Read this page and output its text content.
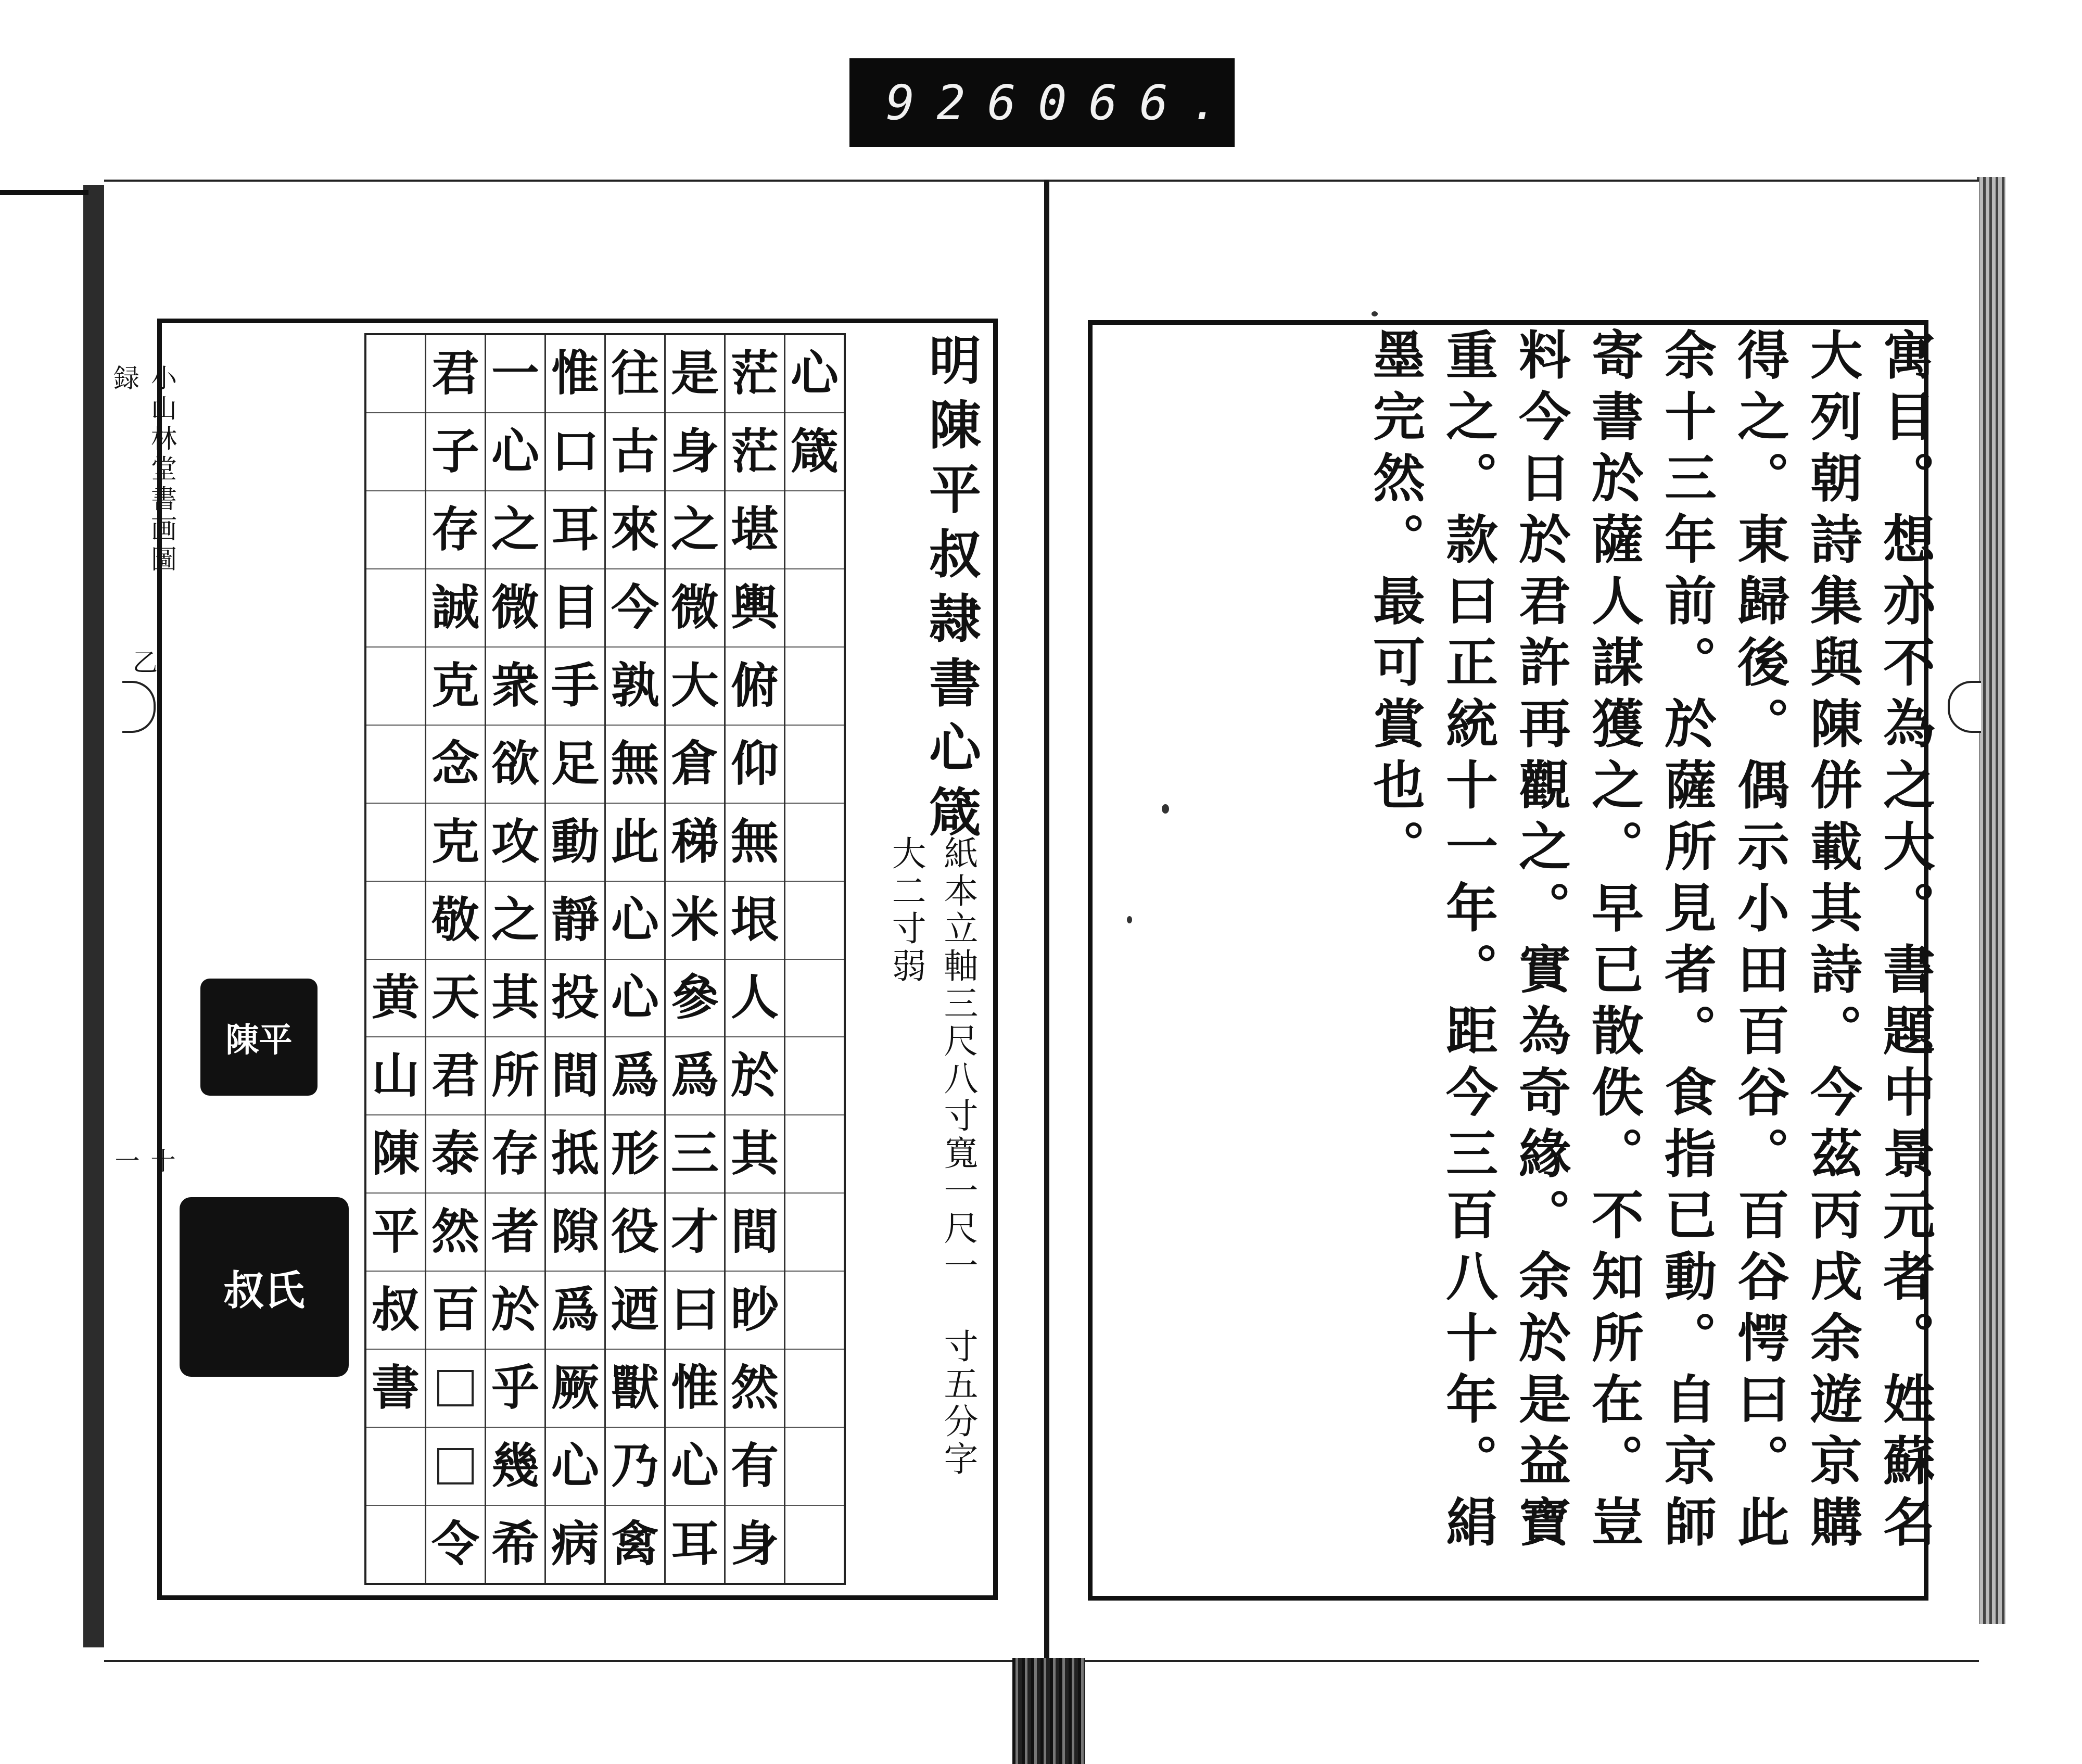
926 066.
小山林堂書画圖録
乙
十一
明陳平叔隷書心箴
紙本立軸三尺八寸寬一尺一 寸五分字大二寸弱
心
箴
茫
茫
堪
輿
俯
仰
無
垠
人
於
其
間
眇
然
有
身
是
身
之
微
大
倉
稊
米
參
爲
三
才
曰
惟
心
耳
往
古
來
今
孰
無
此
心
心
爲
形
役
迺
獸
乃
禽
惟
口
耳
目
手
足
動
靜
投
間
抵
隙
爲
厥
心
病
一
心
之
微
衆
欲
攻
之
其
所
存
者
於
乎
幾
希
君
子
存
誠
克
念
克
敬
天
君
泰
然
百
令
黄
山
陳
平
叔
書
陳平
叔氏	寓目。想亦不為之大。書題中景元者。姓蘇名大列朝詩集與陳併載其詩。今茲丙戌余遊京購得之。東歸後。偶示小田百谷。百谷愕曰。此余十三年前。於薩所見者。食指已動。自京師寄書於薩人謀獲之。早已散佚。不知所在。豈料今日於君許再觀之。實為奇緣。余於是益寶重之。款曰正統十一年。距今三百八十年。絹墨完然。最可賞也。
